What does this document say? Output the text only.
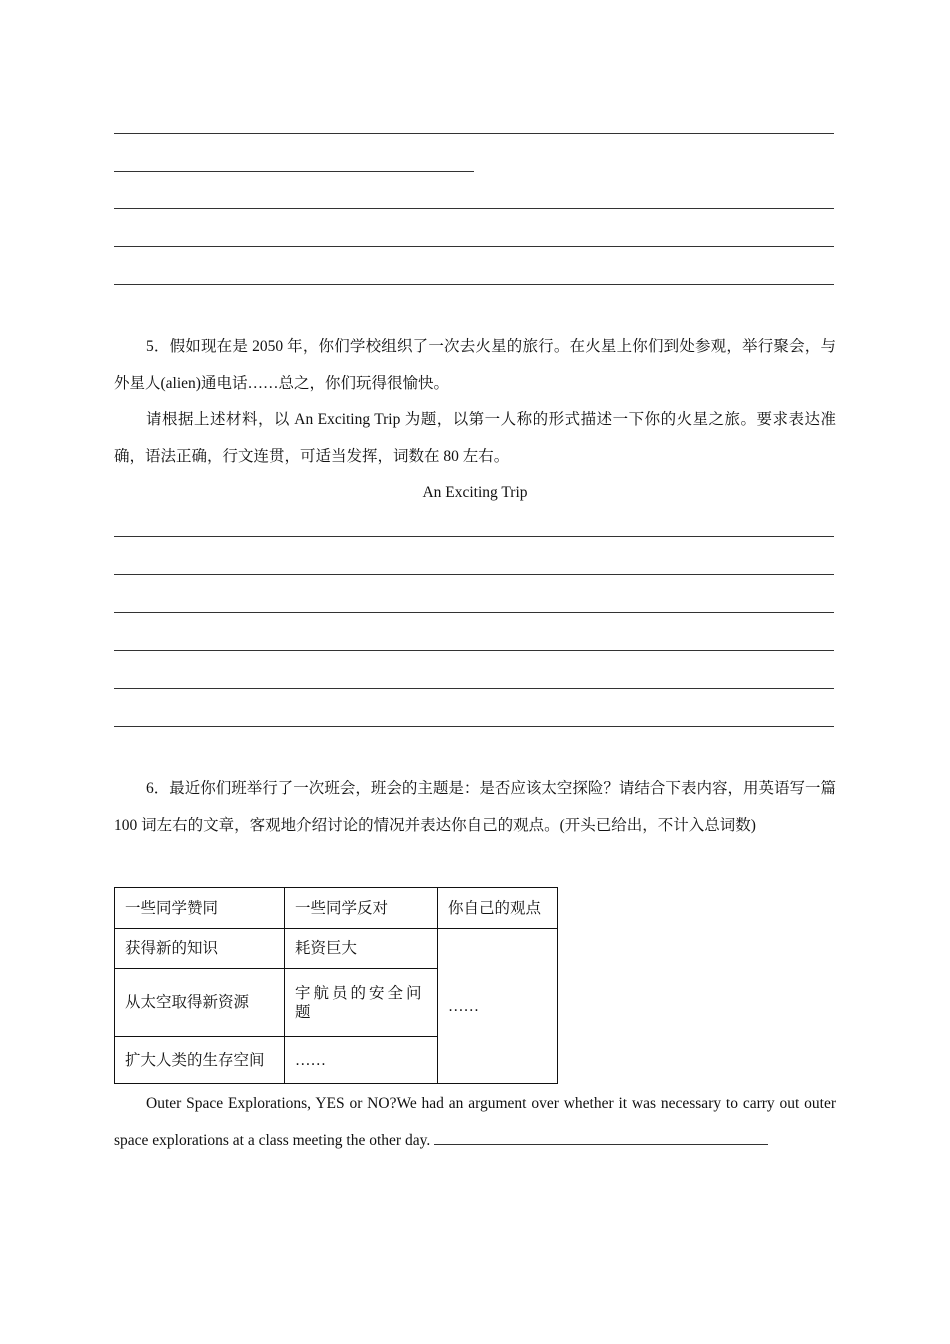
5．假如现在是 2050 年，你们学校组织了一次去火星的旅行。在火星上你们到处参观，举行聚会，与外星人(alien)通电话……总之，你们玩得很愉快。
请根据上述材料，以 An Exciting Trip 为题，以第一人称的形式描述一下你的火星之旅。要求表达准确，语法正确，行文连贯，可适当发挥，词数在 80 左右。
An Exciting Trip
6．最近你们班举行了一次班会，班会的主题是：是否应该太空探险？请结合下表内容，用英语写一篇 100 词左右的文章，客观地介绍讨论的情况并表达你自己的观点。(开头已给出，不计入总词数)
一些同学赞同	一些同学反对	你自己的观点
获得新的知识	耗资巨大	……
从太空取得新资源	宇航员的安全问题	
扩大人类的生存空间	……	
Outer Space Explorations, YES or NO?We had an argument over whether it was necessary to carry out outer space explorations at a class meeting the other day.
